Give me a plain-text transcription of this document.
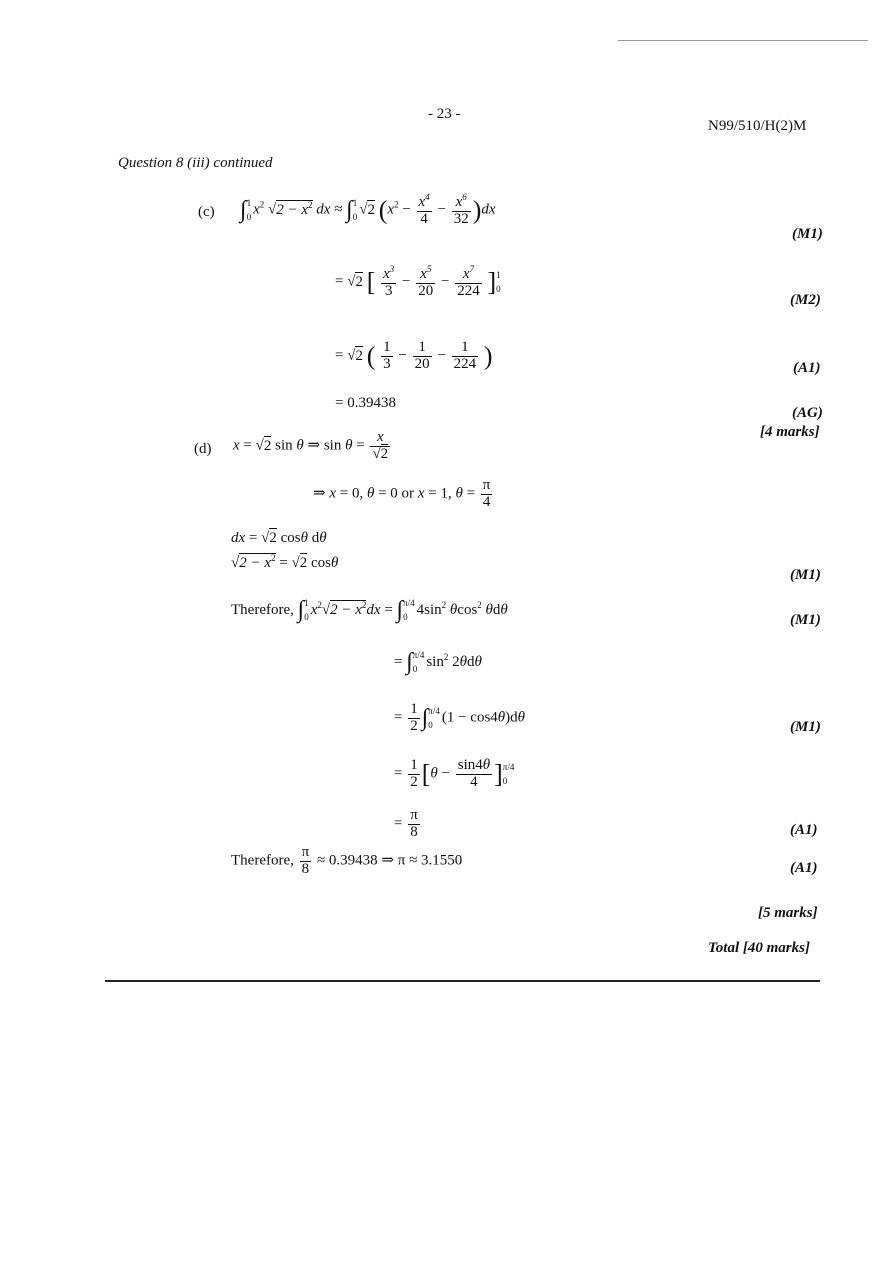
- 23 -
N99/510/H(2)M
Question 8 (iii) continued
(c) ∫ 1
0 $x^2$ $√2 - x^2$ dx ≈ ∫ 1
0 √2 $(x^2 - \frac{x^4}{4} - \frac{x^6}{32} )dx$
= √2 [ $\frac{x^3}{3} - \frac{x^5}{20} - \frac{x^7}{224}$ ] 1
0
= √2 ( $\frac{1}{3} - \frac{1}{20} - \frac{1}{224}$ )
= 0.39438
(M1)
(M2)
(A1)
(AG)
[4 marks]
(d) x = √2 sin θ ⇒ $\sin \theta = \frac{x}{√2}$
⇒ x = 0, θ = 0 or x = 1, $\theta = \frac{\pi}{4}$
dx = √2 cosθ dθ
$√2 - x^2 = √2$ cosθ
Therefore, ∫ 1
0 $x^2√2 - x^2dx$ = ∫ π/4
0 $4\sin^2$ θcos$^2$ θdθ
= ∫ π/4
0 $\sin^2 2\theta d\theta$
= $\frac{1}{2}$ ∫ π/4
0 (1 − cos4θ)dθ
= $\frac{1}{2} [\theta - \frac{\sin 4\theta}{4}$ ] π/4
0
= $\frac{\pi}{8}$
Therefore, $\frac{\pi}{8} \approx 0.39438$ ⇒ π ≈ 3.1550
(M1)
(M1)
(M1)
(A1)
(A1)
[5 marks]
Total [40 marks]
